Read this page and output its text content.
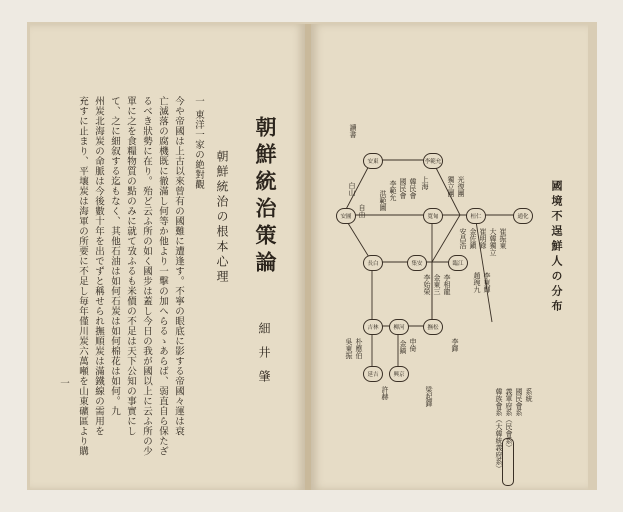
朝鮮統治策論
細井肇
朝鮮統治の根本心理
一 東洋一家の絶對觀
今や帝國は上古以來曾有の國難に遭逢す。不寧の眼底に影する帝國々運は衰
亡滅落の腐機既に徹滿し何等か他より一擊の加へらるゝあらば、弱直自ら保たざ
るべき狀勢に在り。殆ど云ふ所の如く國步は蓋し今日の我が國以上に云ふ所の少
單に之を食糧物質の點のみに就て攷ふるも米價の不足は天下公知の事實にし
て、之に細叙する迄もなく、其他石油は如何石炭は如何棉花は如何。九
州炭北海炭の命脈は今後數十年を出でずと稱せられ撫順炭は滿鐵線の需用を
充すに止まり、平壤炭は海軍の所要に不足し毎年僅川炭六萬噸を山東礦區より購
一
國境不逞鮮人の分布
系統
國民會系
義軍府系（民會系）
韓族會系（大韓統義府系）
安東	李範允
寬甸	桓仁	通化
集安	臨江
長白
撫松
柳河
吉林
興京
延吉
安圖
讀書
上海
白山
自由
韓民會
國民會
李範允
洪範圖
獨立團 光復團
大韓獨立
崔明錄
金佐鎭	崔振東
安昌浩
李東輝
趙琬九
李相龍
金東三
李始榮
李鐸
許赫
申倚
金鎬
朴應伯
吳東振
梁起鐸
